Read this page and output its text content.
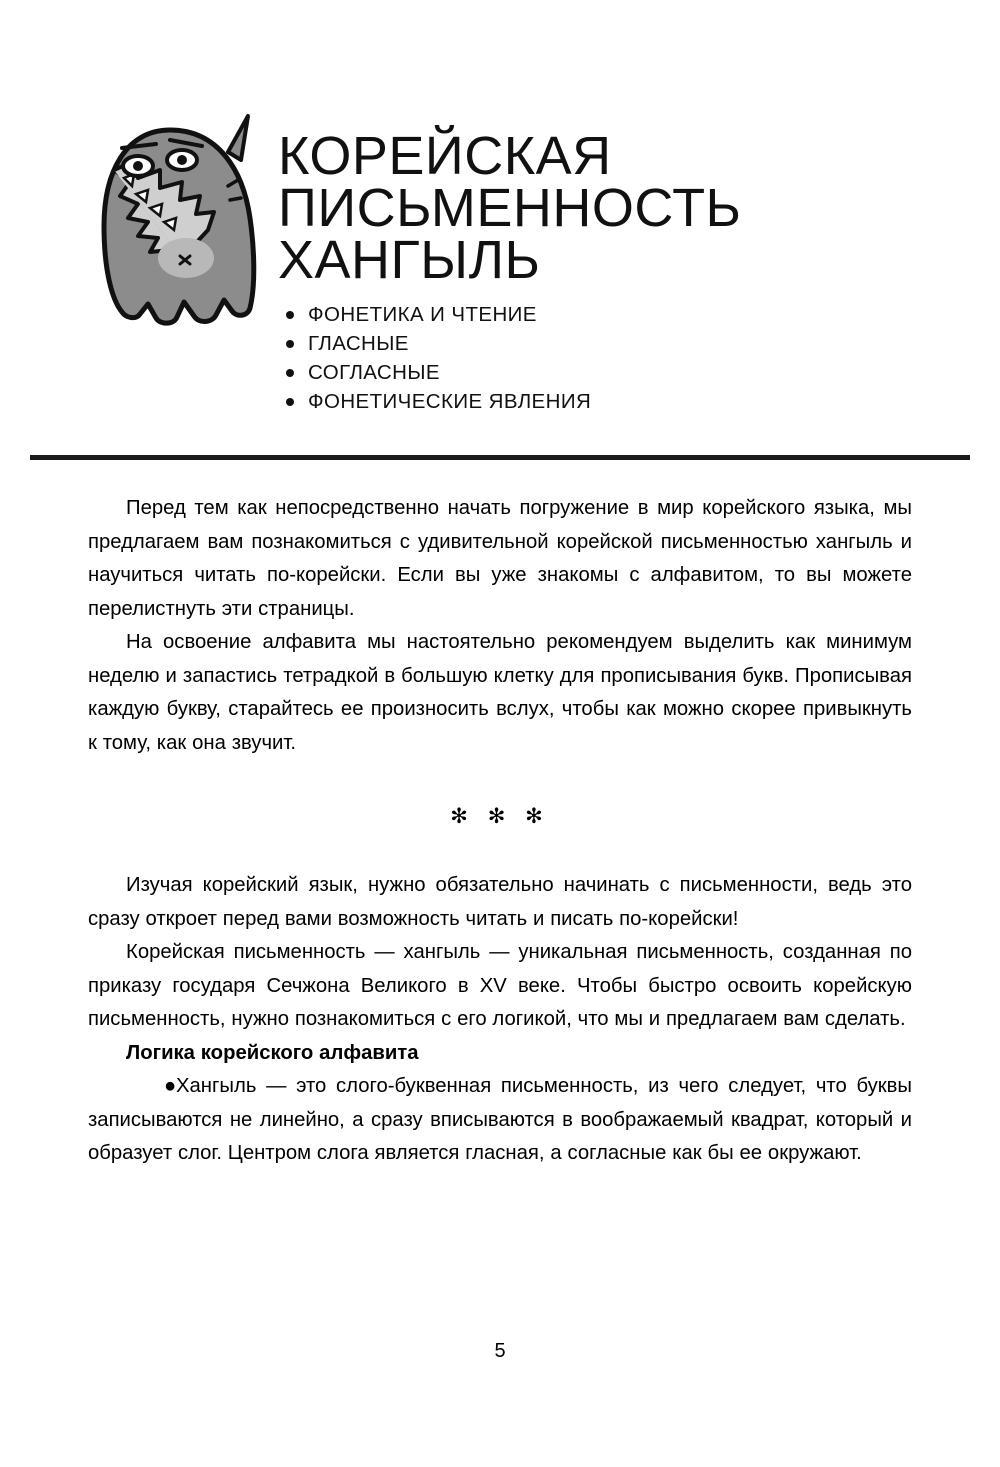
КОРЕЙСКАЯ
ПИСЬМЕННОСТЬ
ХАНГЫЛЬ
ФОНЕТИКА И ЧТЕНИЕ
ГЛАСНЫЕ
СОГЛАСНЫЕ
ФОНЕТИЧЕСКИЕ ЯВЛЕНИЯ

Перед тем как непосредственно начать погружение в мир корейского языка, мы предлагаем вам познакомиться с удивительной корейской письменностью хангыль и научиться читать по-корейски. Если вы уже знакомы с алфавитом, то вы можете перелистнуть эти страницы.

На освоение алфавита мы настоятельно рекомендуем выделить как минимум неделю и запастись тетрадкой в большую клетку для прописывания букв. Прописывая каждую букву, старайтесь ее произносить вслух, чтобы как можно скорее привыкнуть к тому, как она звучит.

✻ ✻ ✻

Изучая корейский язык, нужно обязательно начинать с письменности, ведь это сразу откроет перед вами возможность читать и писать по-корейски!

Корейская письменность — хангыль — уникальная письменность, созданная по приказу государя Сечжона Великого в XV веке. Чтобы быстро освоить корейскую письменность, нужно познакомиться с его логикой, что мы и предлагаем вам сделать.

Логика корейского алфавита

●Хангыль — это слого-буквенная письменность, из чего следует, что буквы записываются не линейно, а сразу вписываются в воображаемый квадрат, который и образует слог. Центром слога является гласная, а согласные как бы ее окружают.

5
